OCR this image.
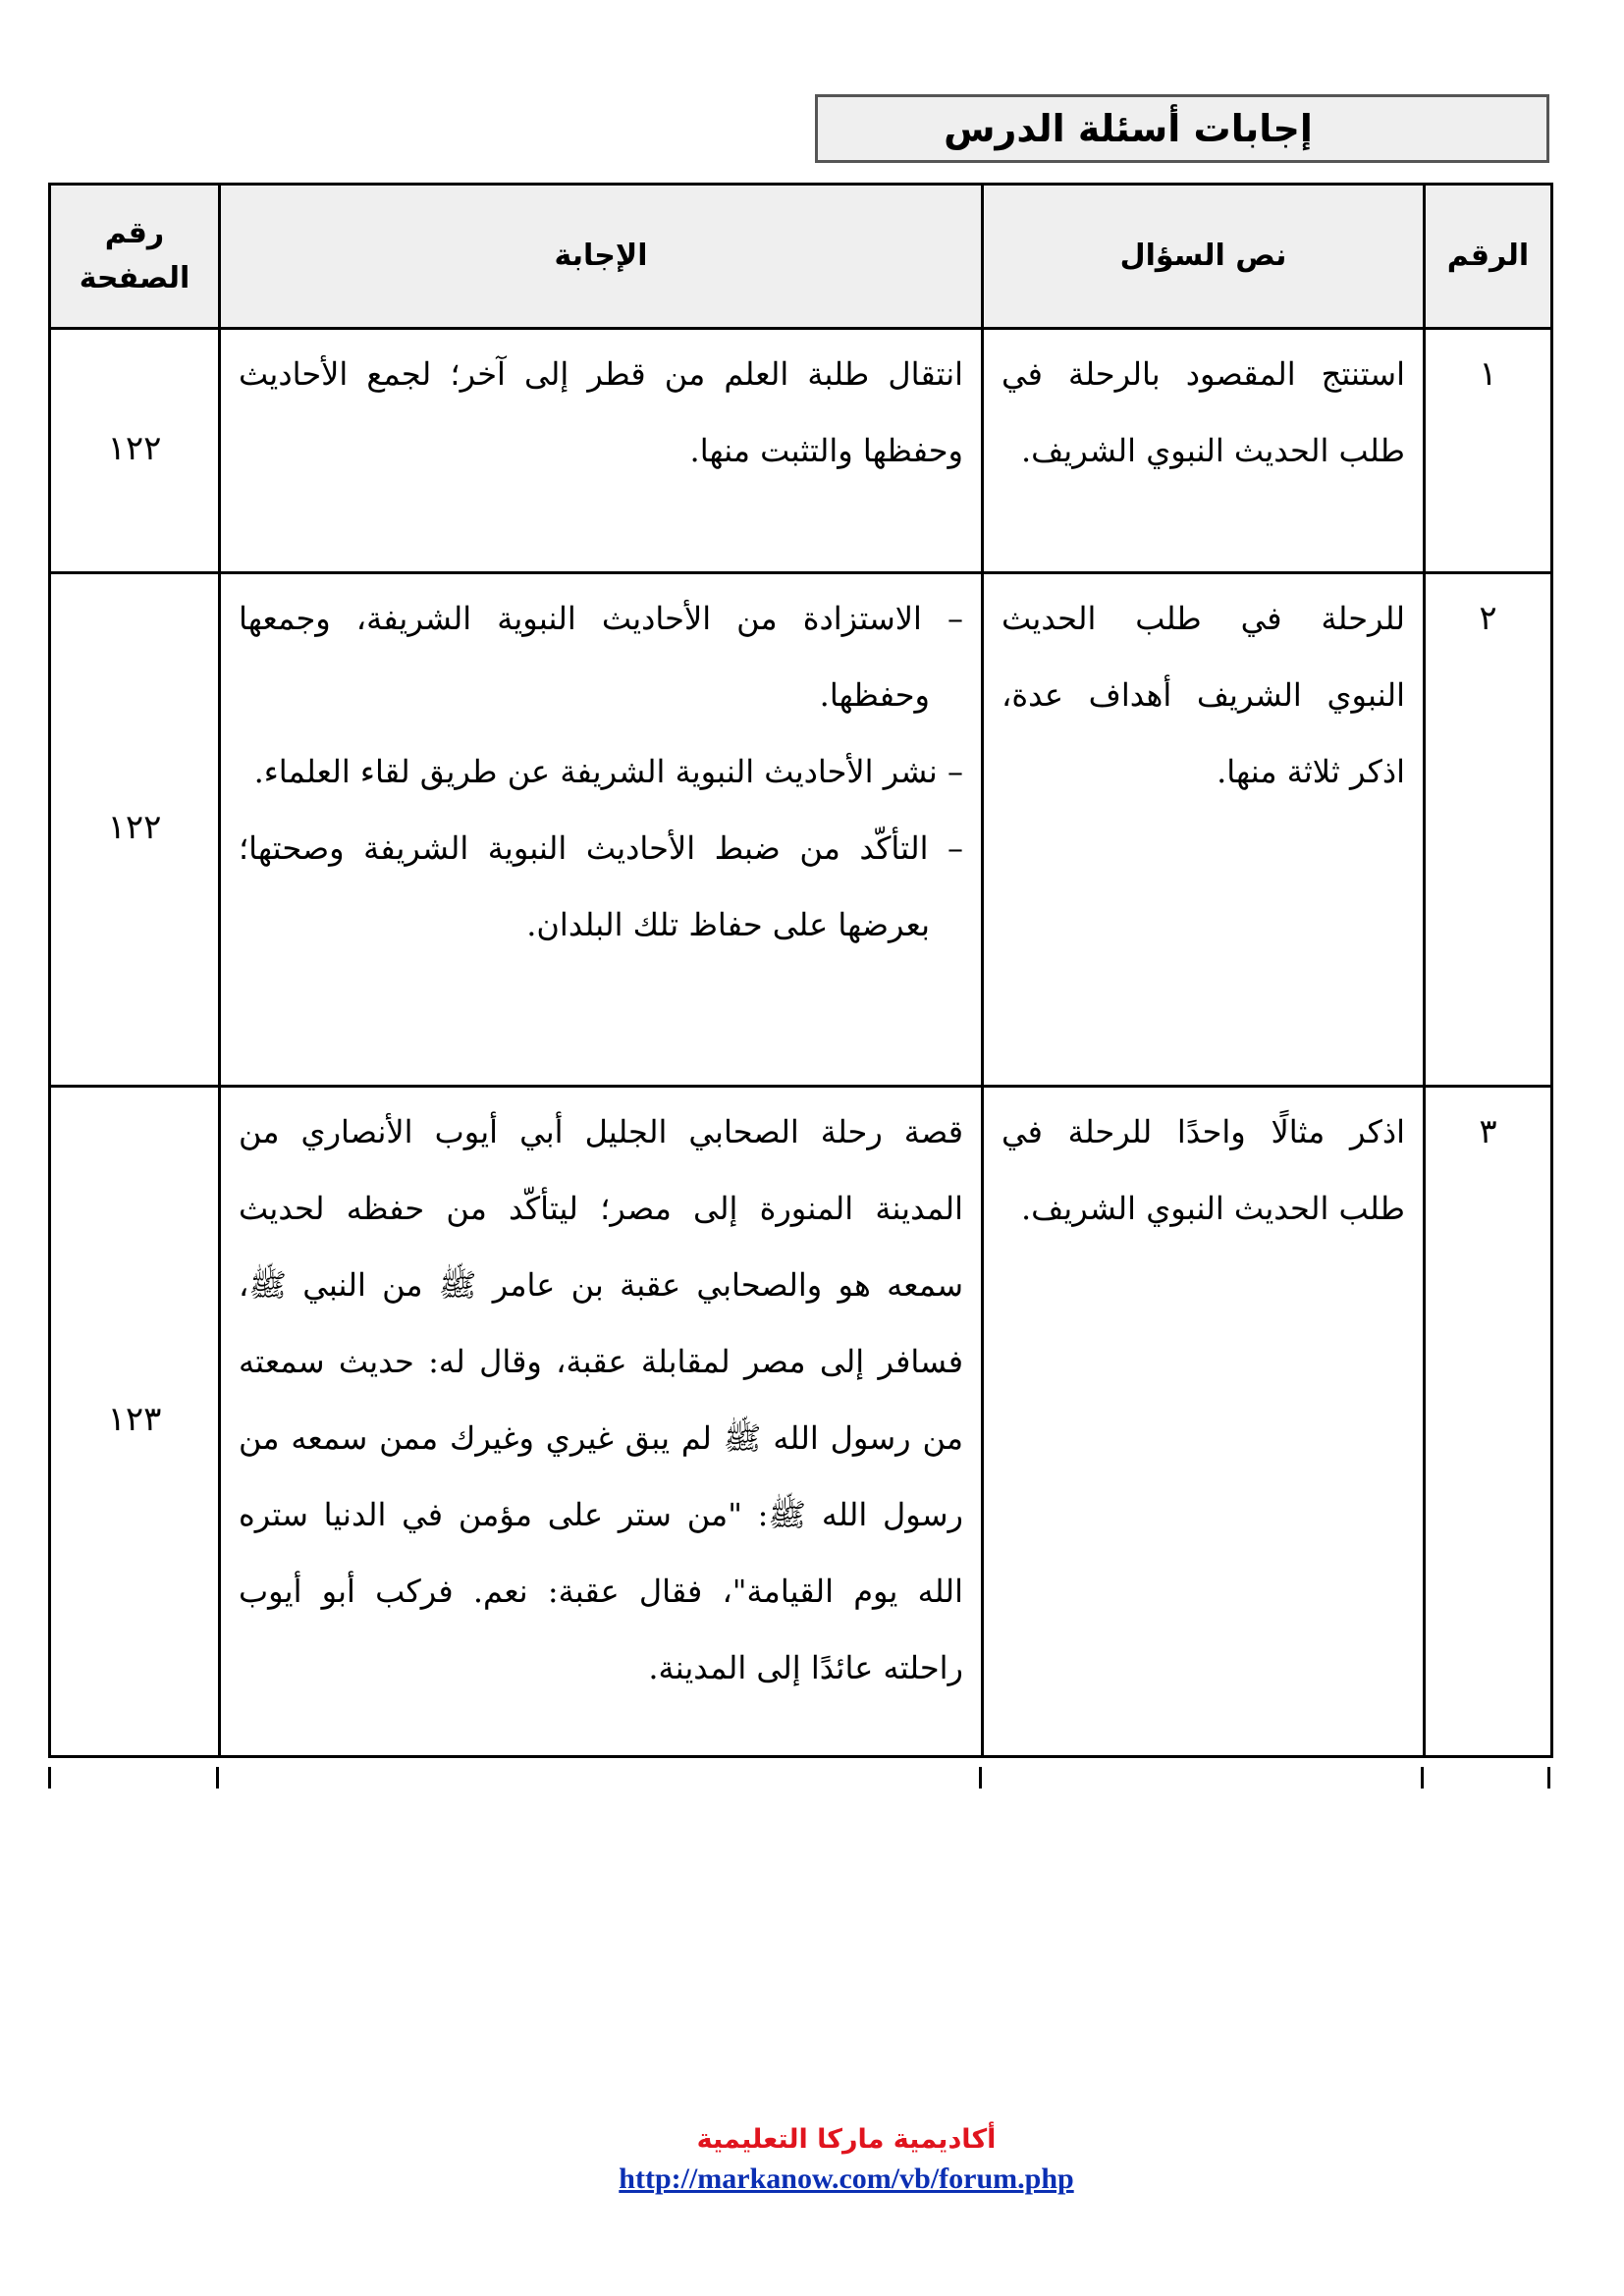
إجابات أسئلة الدرس
الرقم	نص السؤال	الإجابة	رقم
الصفحة
١	استنتج المقصود بالرحلة في طلب الحديث النبوي الشريف.	انتقال طلبة العلم من قطر إلى آخر؛ لجمع الأحاديث وحفظها والتثبت منها.	١٢٢
٢	للرحلة في طلب الحديث النبوي الشريف أهداف عدة، اذكر ثلاثة منها.	– الاستزادة من الأحاديث النبوية الشريفة، وجمعها وحفظها.
– نشر الأحاديث النبوية الشريفة عن طريق لقاء العلماء.
– التأكّد من ضبط الأحاديث النبوية الشريفة وصحتها؛ بعرضها على حفاظ تلك البلدان.	١٢٢
٣	اذكر مثالًا واحدًا للرحلة في طلب الحديث النبوي الشريف.	قصة رحلة الصحابي الجليل أبي أيوب الأنصاري من المدينة المنورة إلى مصر؛ ليتأكّد من حفظه لحديث سمعه هو والصحابي عقبة بن عامر ﷺ من النبي ﷺ، فسافر إلى مصر لمقابلة عقبة، وقال له: حديث سمعته من رسول الله ﷺ لم يبق غيري وغيرك ممن سمعه من رسول الله ﷺ: "من ستر على مؤمن في الدنيا ستره الله يوم القيامة"، فقال عقبة: نعم. فركب أبو أيوب راحلته عائدًا إلى المدينة.	١٢٣
أكاديمية ماركا التعليمية
http://markanow.com/vb/forum.php
